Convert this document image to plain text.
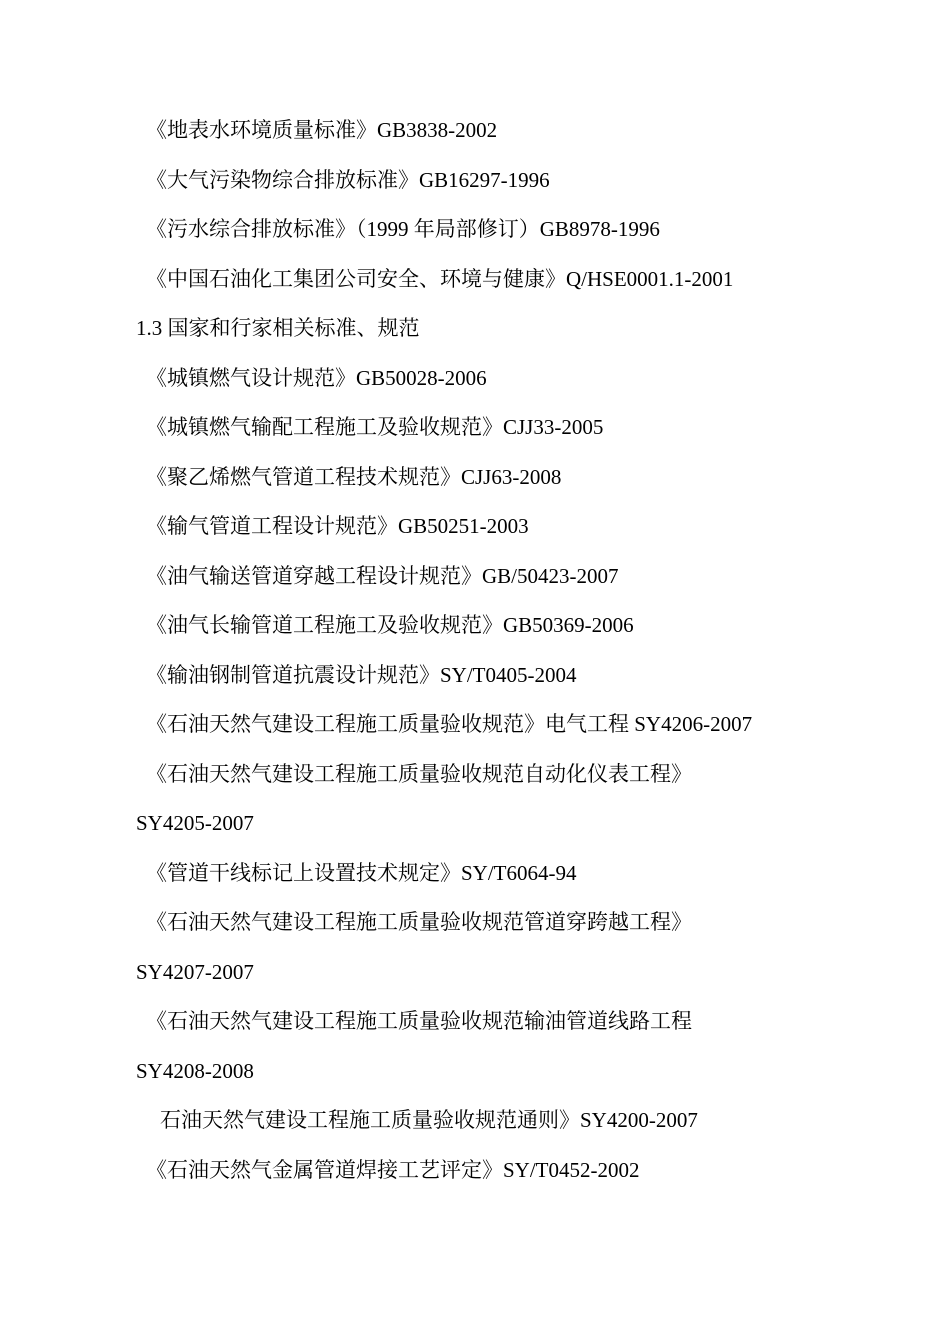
《地表水环境质量标准》GB3838-2002
《大气污染物综合排放标准》GB16297-1996
《污水综合排放标准》（1999 年局部修订）GB8978-1996
《中国石油化工集团公司安全、环境与健康》Q/HSE0001.1-2001
1.3 国家和行家相关标准、规范
《城镇燃气设计规范》GB50028-2006
《城镇燃气输配工程施工及验收规范》CJJ33-2005
《聚乙烯燃气管道工程技术规范》CJJ63-2008
《输气管道工程设计规范》GB50251-2003
《油气输送管道穿越工程设计规范》GB/50423-2007
《油气长输管道工程施工及验收规范》GB50369-2006
《输油钢制管道抗震设计规范》SY/T0405-2004
《石油天然气建设工程施工质量验收规范》电气工程 SY4206-2007
《石油天然气建设工程施工质量验收规范自动化仪表工程》
SY4205-2007
《管道干线标记上设置技术规定》SY/T6064-94
《石油天然气建设工程施工质量验收规范管道穿跨越工程》
SY4207-2007
《石油天然气建设工程施工质量验收规范输油管道线路工程
SY4208-2008
石油天然气建设工程施工质量验收规范通则》SY4200-2007
《石油天然气金属管道焊接工艺评定》SY/T0452-2002
